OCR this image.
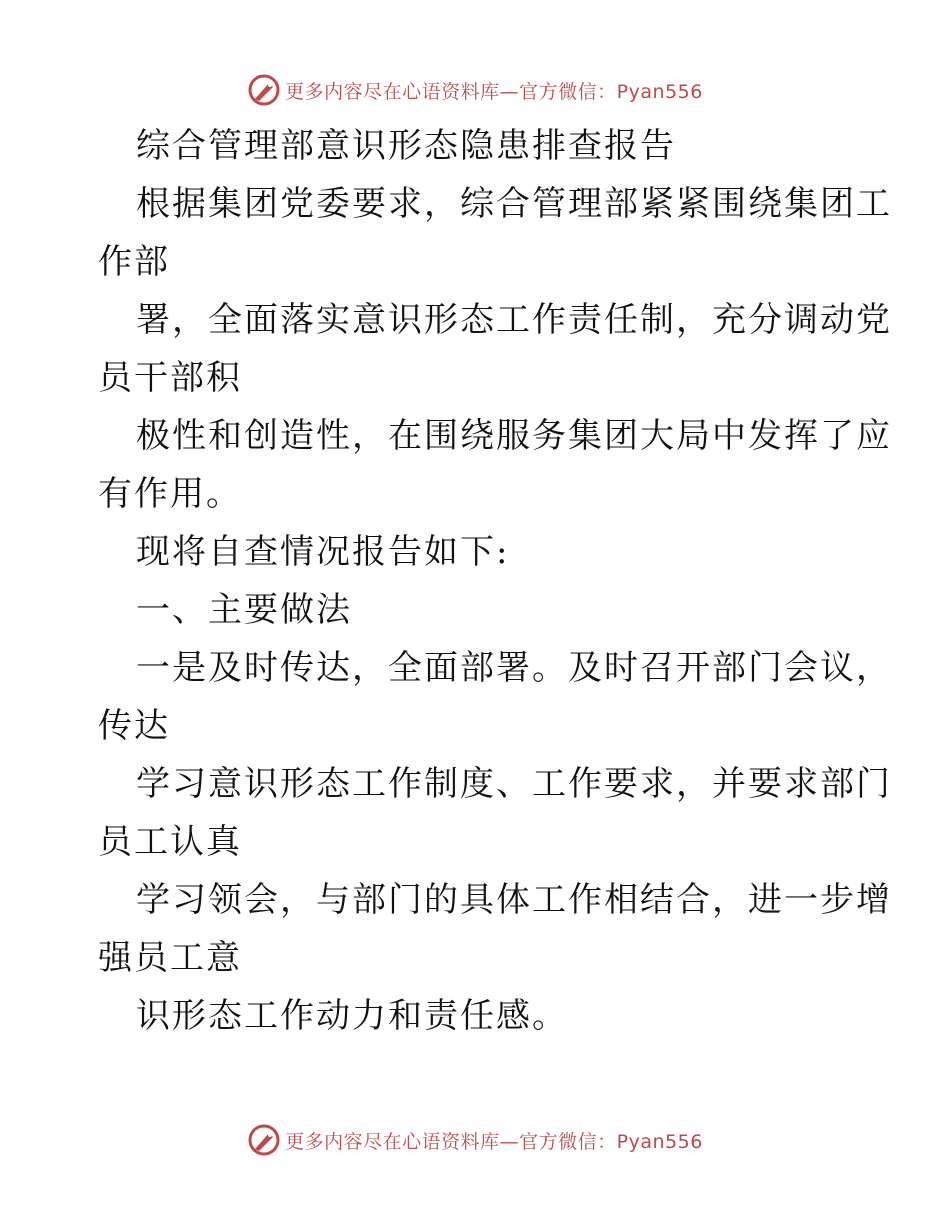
更多内容尽在心语资料库—官方微信：Pyan556
综合管理部意识形态隐患排查报告
根据集团党委要求，综合管理部紧紧围绕集团工
作部
署，全面落实意识形态工作责任制，充分调动党
员干部积
极性和创造性，在围绕服务集团大局中发挥了应
有作用。
现将自查情况报告如下:
一、主要做法
一是及时传达，全面部署。及时召开部门会议，
传达
学习意识形态工作制度、工作要求，并要求部门
员工认真
学习领会，与部门的具体工作相结合，进一步增
强员工意
识形态工作动力和责任感。
更多内容尽在心语资料库—官方微信：Pyan556
